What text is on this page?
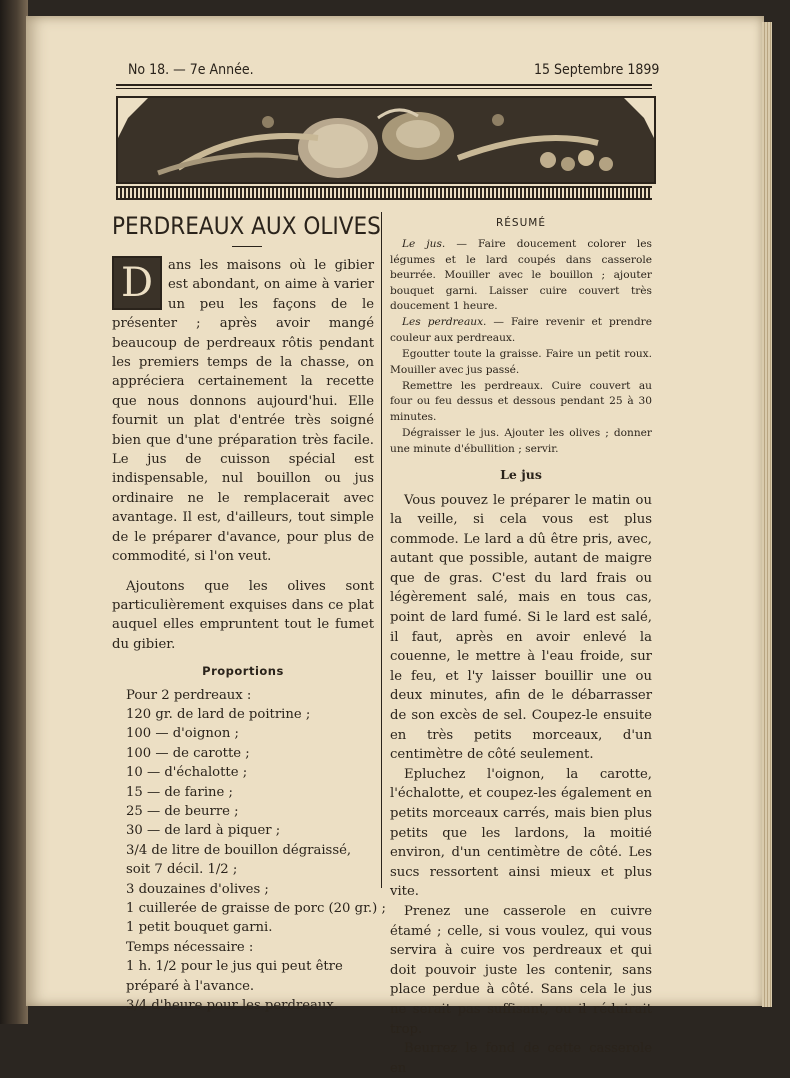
No 18. — 7e Année.	15 Septembre 1899
PERDREAUX AUX OLIVES

D	ans les maisons où le gibier est abondant, on aime à varier un peu les façons de le présenter ; après avoir mangé beaucoup de perdreaux rôtis pendant les premiers temps de la chasse, on appréciera certainement la recette que nous donnons aujourd'hui. Elle fournit un plat d'entrée très soigné bien que d'une préparation très facile. Le jus de cuisson spécial est indispensable, nul bouillon ou jus ordinaire ne le remplacerait avec avantage. Il est, d'ailleurs, tout simple de le préparer d'avance, pour plus de commodité, si l'on veut.

Ajoutons que les olives sont particulièrement exquises dans ce plat auquel elles empruntent tout le fumet du gibier.

Proportions

Pour 2 perdreaux :
120 gr. de lard de poitrine ;
100 — d'oignon ;
100 — de carotte ;
10 — d'échalotte ;
15 — de farine ;
25 — de beurre ;
30 — de lard à piquer ;
3/4 de litre de bouillon dégraissé, soit 7 décil. 1/2 ;
3 douzaines d'olives ;
1 cuillerée de graisse de porc (20 gr.) ;
1 petit bouquet garni.
Temps nécessaire :
1 h. 1/2 pour le jus qui peut être préparé à l'avance.
3/4 d'heure pour les perdreaux.

RÉSUMÉ

Le jus. — Faire doucement colorer les légumes et le lard coupés dans casserole beurrée. Mouiller avec le bouillon ; ajouter bouquet garni. Laisser cuire couvert très doucement 1 heure.

Les perdreaux. — Faire revenir et prendre couleur aux perdreaux.

Egoutter toute la graisse. Faire un petit roux. Mouiller avec jus passé.

Remettre les perdreaux. Cuire couvert au four ou feu dessus et dessous pendant 25 à 30 minutes.

Dégraisser le jus. Ajouter les olives ; donner une minute d'ébullition ; servir.

Le jus

Vous pouvez le préparer le matin ou la veille, si cela vous est plus commode. Le lard a dû être pris, avec, autant que possible, autant de maigre que de gras. C'est du lard frais ou légèrement salé, mais en tous cas, point de lard fumé. Si le lard est salé, il faut, après en avoir enlevé la couenne, le mettre à l'eau froide, sur le feu, et l'y laisser bouillir une ou deux minutes, afin de le débarrasser de son excès de sel. Coupez-le ensuite en très petits morceaux, d'un centimètre de côté seulement.

Epluchez l'oignon, la carotte, l'échalotte, et coupez-les également en petits morceaux carrés, mais bien plus petits que les lardons, la moitié environ, d'un centimètre de côté. Les sucs ressortent ainsi mieux et plus vite.

Prenez une casserole en cuivre étamé ; celle, si vous voulez, qui vous servira à cuire vos perdreaux et qui doit pouvoir juste les contenir, sans place perdue à côté. Sans cela le jus ne serait pas suffisant, ou il réduirait trop.

Beurrez le fond de cette casserole en
